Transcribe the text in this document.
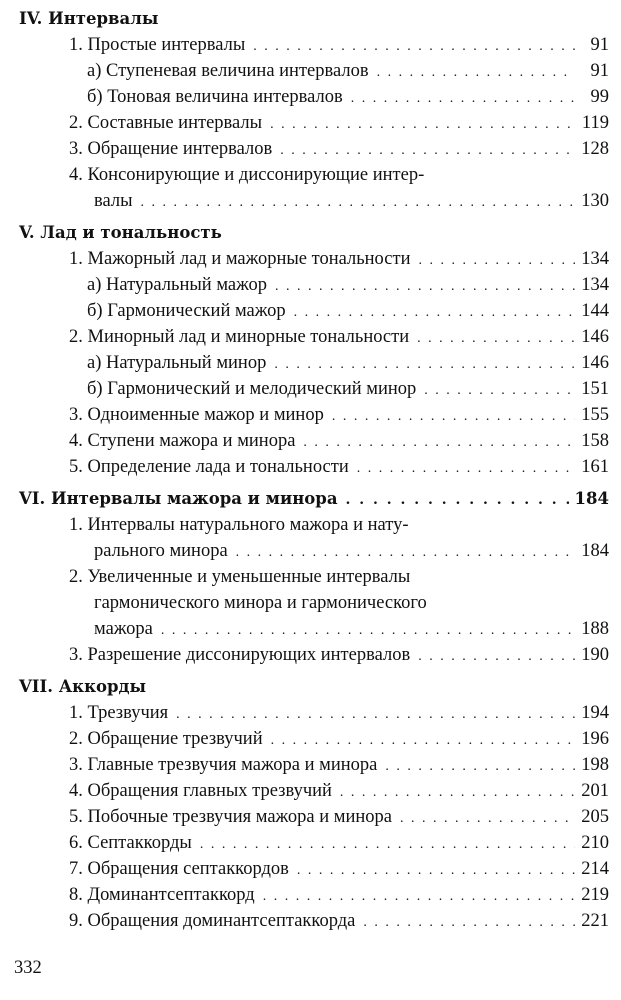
IV. Интервалы
1. Простые интервалы . . .	91
а) Ступеневая величина интервалов . . .	91
б) Тоновая величина интервалов . . .	99
2. Составные интервалы . . .	119
3. Обращение интервалов . . .	128
4. Консонирующие и диссонирующие интер-
валы . . .	130
V. Лад и тональность
1. Мажорный лад и мажорные тональности . . .	134
а) Натуральный мажор . . .	134
б) Гармонический мажор . . .	144
2. Минорный лад и минорные тональности . . .	146
а) Натуральный минор . . .	146
б) Гармонический и мелодический минор . . .	151
3. Одноименные мажор и минор . . .	155
4. Ступени мажора и минора . . .	158
5. Определение лада и тональности . . .	161
VI. Интервалы мажора и минора . . .	184
1. Интервалы натурального мажора и нату-
рального минора . . .	184
2. Увеличенные и уменьшенные интервалы
гармонического минора и гармонического
мажора . . .	188
3. Разрешение диссонирующих интервалов . . .	190
VII. Аккорды
1. Трезвучия . . .	194
2. Обращение трезвучий . . .	196
3. Главные трезвучия мажора и минора . . .	198
4. Обращения главных трезвучий . . .	201
5. Побочные трезвучия мажора и минора . . .	205
6. Септаккорды . . .	210
7. Обращения септаккордов . . .	214
8. Доминантсептаккорд . . .	219
9. Обращения доминантсептаккорда . . .	221
332
